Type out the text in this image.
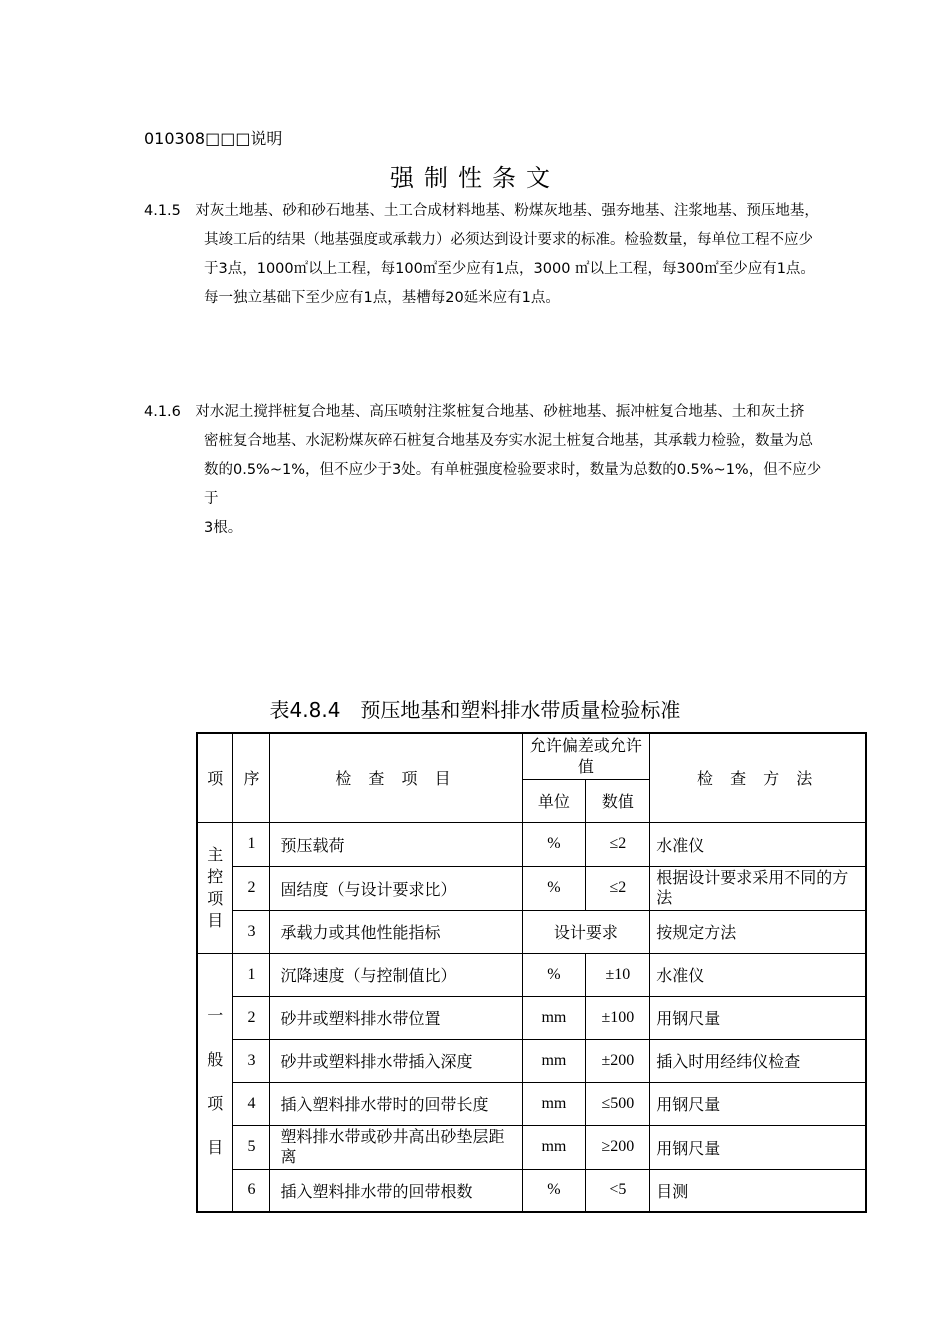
010308□□□说明
强制性条文

4.1.5　对灰土地基、砂和砂石地基、土工合成材料地基、粉煤灰地基、强夯地基、注浆地基、预压地基，

其竣工后的结果（地基强度或承载力）必须达到设计要求的标准。检验数量，每单位工程不应少

于3点，1000㎡以上工程，每100㎡至少应有1点，3000 ㎡以上工程，每300㎡至少应有1点。

每一独立基础下至少应有1点，基槽每20延米应有1点。

4.1.6　对水泥土搅拌桩复合地基、高压喷射注浆桩复合地基、砂桩地基、振冲桩复合地基、土和灰土挤

密桩复合地基、水泥粉煤灰碎石桩复合地基及夯实水泥土桩复合地基，其承载力检验，数量为总

数的0.5%~1%，但不应少于3处。有单桩强度检验要求时，数量为总数的0.5%~1%，但不应少于

3根。

表4.8.4　预压地基和塑料排水带质量检验标准
项	序	检 查 项 目	允许偏差或允许值		检 查 方 法
			单位	数值	
主控项目	1	预压载荷	%	≤2	水准仪
	2	固结度（与设计要求比）	%	≤2	根据设计要求采用不同的方法
	3	承载力或其他性能指标	设计要求		按规定方法
一般项目	1	沉降速度（与控制值比）	%	±10	水准仪
	2	砂井或塑料排水带位置	mm	±100	用钢尺量
	3	砂井或塑料排水带插入深度	mm	±200	插入时用经纬仪检查
	4	插入塑料排水带时的回带长度	mm	≤500	用钢尺量
	5	塑料排水带或砂井高出砂垫层距离	mm	≥200	用钢尺量
	6	插入塑料排水带的回带根数	%	<5	目测
